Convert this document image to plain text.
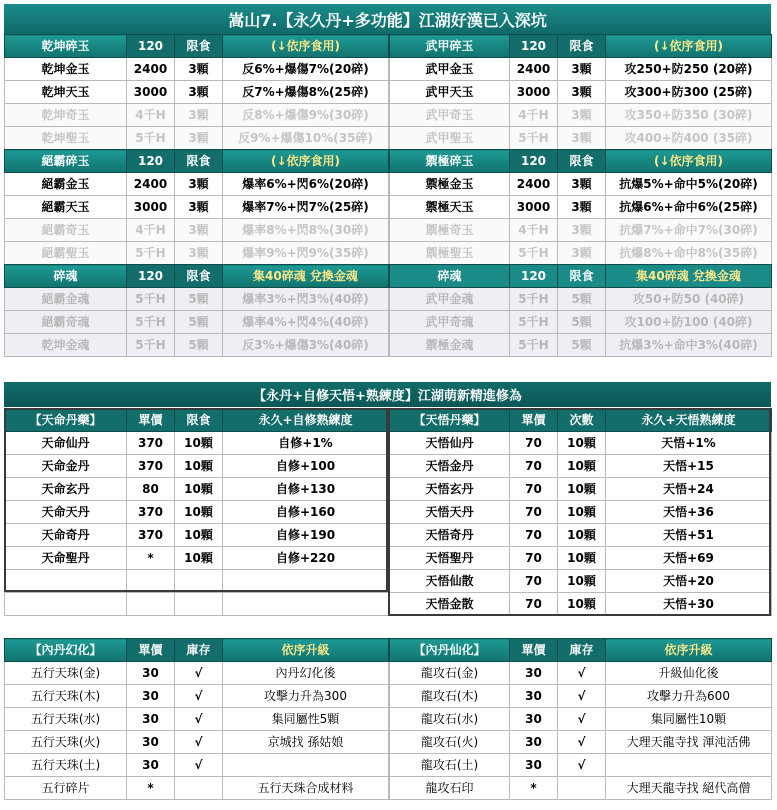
嵩山7.【永久丹+多功能】江湖好漢已入深坑
乾坤碎玉	120	限食	(↓依序食用)
乾坤金玉	2400	3顆	反6%+爆傷7%(20碎)
乾坤天玉	3000	3顆	反7%+爆傷8%(25碎)
乾坤奇玉	4千H	3顆	反8%+爆傷9%(30碎)
乾坤聖玉	5千H	3顆	反9%+爆傷10%(35碎)
武甲碎玉	120	限食	(↓依序食用)
武甲金玉	2400	3顆	攻250+防250 (20碎)
武甲天玉	3000	3顆	攻300+防300 (25碎)
武甲奇玉	4千H	3顆	攻350+防350 (30碎)
武甲聖玉	5千H	3顆	攻400+防400 (35碎)
絕霸碎玉	120	限食	(↓依序食用)
絕霸金玉	2400	3顆	爆率6%+閃6%(20碎)
絕霸天玉	3000	3顆	爆率7%+閃7%(25碎)
絕霸奇玉	4千H	3顆	爆率8%+閃8%(30碎)
絕霸聖玉	5千H	3顆	爆率9%+閃9%(35碎)
禦極碎玉	120	限食	(↓依序食用)
禦極金玉	2400	3顆	抗爆5%+命中5%(20碎)
禦極天玉	3000	3顆	抗爆6%+命中6%(25碎)
禦極奇玉	4千H	3顆	抗爆7%+命中7%(30碎)
禦極聖玉	5千H	3顆	抗爆8%+命中8%(35碎)
碎魂	120	限食	集40碎魂 兌換金魂
絕霸金魂	5千H	5顆	爆率3%+閃3%(40碎)
絕霸奇魂	5千H	5顆	爆率4%+閃4%(40碎)
乾坤金魂	5千H	5顆	反3%+爆傷3%(40碎)
碎魂	120	限食	集40碎魂 兌換金魂
武甲金魂	5千H	5顆	攻50+防50 (40碎)
武甲奇魂	5千H	5顆	攻100+防100 (40碎)
禦極金魂	5千H	5顆	抗爆3%+命中3%(40碎)
【永丹+自修天悟+熟練度】江湖萌新精進修為
【天命丹藥】	單價	限食	永久+自修熟練度
天命仙丹	370	10顆	自修+1%
天命金丹	370	10顆	自修+100
天命玄丹	80	10顆	自修+130
天命天丹	370	10顆	自修+160
天命奇丹	370	10顆	自修+190
天命聖丹	*	10顆	自修+220

【天悟丹藥】	單價	次數	永久+天悟熟練度
天悟仙丹	70	10顆	天悟+1%
天悟金丹	70	10顆	天悟+15
天悟玄丹	70	10顆	天悟+24
天悟天丹	70	10顆	天悟+36
天悟奇丹	70	10顆	天悟+51
天悟聖丹	70	10顆	天悟+69
天悟仙散	70	10顆	天悟+20
天悟金散	70	10顆	天悟+30
【內丹幻化】	單價	庫存	依序升級
五行天珠(金)	30	√	內丹幻化後
五行天珠(木)	30	√	攻擊力升為300
五行天珠(水)	30	√	集同屬性5顆
五行天珠(火)	30	√	京城找 孫姑娘
五行天珠(土)	30	√	
五行碎片	*		五行天珠合成材料
【內丹仙化】	單價	庫存	依序升級
龍攻石(金)	30	√	升級仙化後
龍攻石(木)	30	√	攻擊力升為600
龍攻石(水)	30	√	集同屬性10顆
龍攻石(火)	30	√	大理天龍寺找 渾沌活佛
龍攻石(土)	30	√	
龍攻石印	*		大理天龍寺找 絕代高僧
